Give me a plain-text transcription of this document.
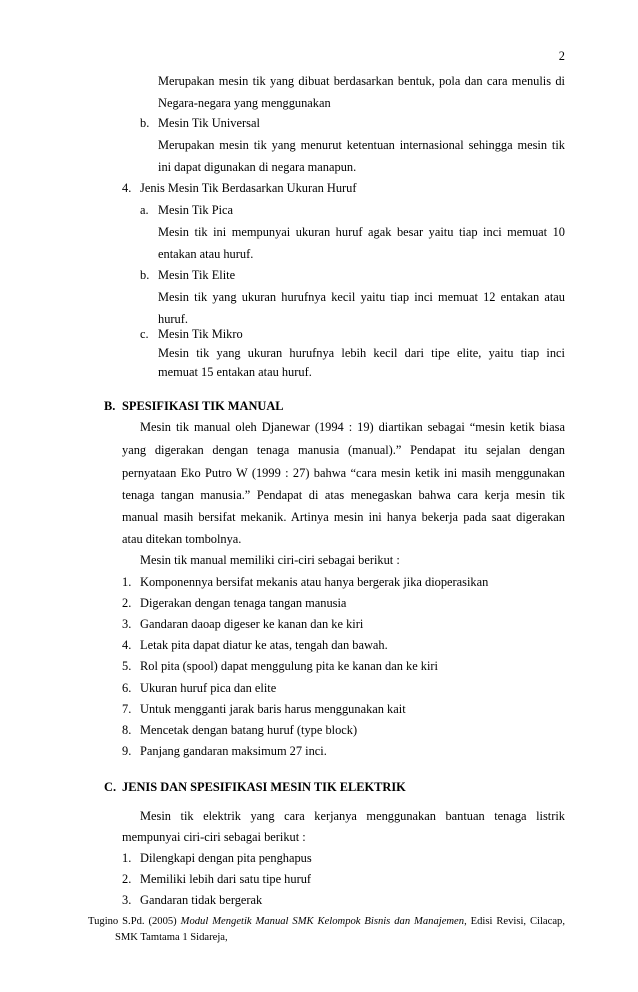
2
Merupakan mesin tik yang dibuat berdasarkan bentuk, pola dan cara menulis di
Negara-negara yang menggunakan
b. Mesin Tik Universal
Merupakan mesin tik yang menurut ketentuan internasional sehingga mesin tik
ini dapat digunakan di negara manapun.
4. Jenis Mesin Tik Berdasarkan Ukuran Huruf
a. Mesin Tik Pica
Mesin tik ini mempunyai ukuran huruf agak besar yaitu tiap inci memuat 10
entakan atau huruf.
b. Mesin Tik Elite
Mesin tik yang ukuran hurufnya kecil yaitu tiap inci memuat 12 entakan atau
huruf.
c. Mesin Tik Mikro
Mesin tik yang ukuran hurufnya lebih kecil dari tipe elite, yaitu tiap inci
memuat 15 entakan atau huruf.
B. SPESIFIKASI TIK MANUAL
Mesin tik manual oleh Djanewar (1994 : 19) diartikan sebagai “mesin ketik biasa
yang digerakan dengan tenaga manusia (manual).” Pendapat itu sejalan dengan
pernyataan Eko Putro W (1999 : 27) bahwa “cara mesin ketik ini masih menggunakan
tenaga tangan manusia.” Pendapat di atas menegaskan bahwa cara kerja mesin tik
manual masih bersifat mekanik. Artinya mesin ini hanya bekerja pada saat digerakan
atau ditekan tombolnya.
Mesin tik manual memiliki ciri-ciri sebagai berikut :
1. Komponennya bersifat mekanis atau hanya bergerak jika dioperasikan
2. Digerakan dengan tenaga tangan manusia
3. Gandaran daoap digeser ke kanan dan ke kiri
4. Letak pita dapat diatur ke atas, tengah dan bawah.
5. Rol pita (spool) dapat menggulung pita ke kanan dan ke kiri
6. Ukuran huruf pica dan elite
7. Untuk mengganti jarak baris harus menggunakan kait
8. Mencetak dengan batang huruf (type block)
9. Panjang gandaran maksimum 27 inci.
C. JENIS DAN SPESIFIKASI MESIN TIK ELEKTRIK
Mesin tik elektrik yang cara kerjanya menggunakan bantuan tenaga listrik
mempunyai ciri-ciri sebagai berikut :
1. Dilengkapi dengan pita penghapus
2. Memiliki lebih dari satu tipe huruf
3. Gandaran tidak bergerak
Tugino S.Pd. (2005) Modul Mengetik Manual SMK Kelompok Bisnis dan Manajemen, Edisi Revisi, Cilacap,
SMK Tamtama 1 Sidareja,
